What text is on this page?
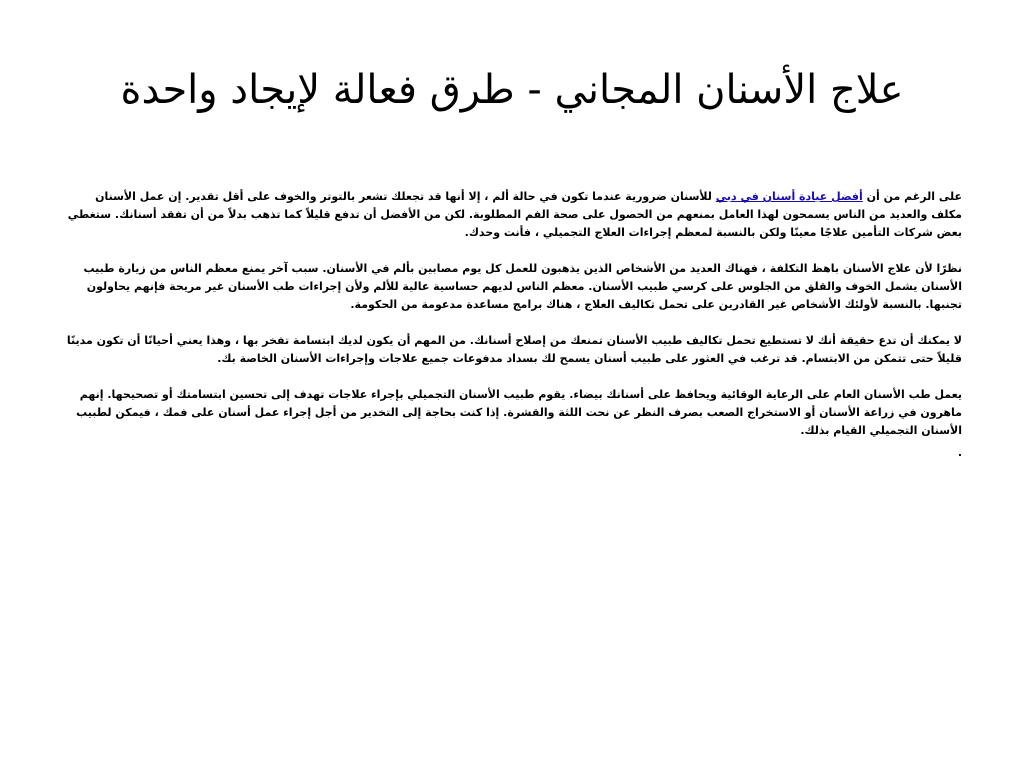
علاج الأسنان المجاني - طرق فعالة لإيجاد واحدة

على الرغم من أن أفضل عيادة أسنان في دبي للأسنان ضرورية عندما تكون في حالة ألم ، إلا أنها قد تجعلك تشعر بالتوتر والخوف على أقل تقدير. إن عمل الأسنان مكلف والعديد من الناس يسمحون لهذا العامل بمنعهم من الحصول على صحة الفم المطلوبة. لكن من الأفضل أن تدفع قليلاً كما تذهب بدلاً من أن تفقد أسنانك. ستغطي بعض شركات التأمين علاجًا معينًا ولكن بالنسبة لمعظم إجراءات العلاج التجميلي ، فأنت وحدك.

نظرًا لأن علاج الأسنان باهظ التكلفة ، فهناك العديد من الأشخاص الذين يذهبون للعمل كل يوم مصابين بألم في الأسنان. سبب آخر يمنع معظم الناس من زيارة طبيب الأسنان يشمل الخوف والقلق من الجلوس على كرسي طبيب الأسنان. معظم الناس لديهم حساسية عالية للألم ولأن إجراءات طب الأسنان غير مريحة فإنهم يحاولون تجنبها. بالنسبة لأولئك الأشخاص غير القادرين على تحمل تكاليف العلاج ، هناك برامج مساعدة مدعومة من الحكومة.

لا يمكنك أن تدع حقيقة أنك لا تستطيع تحمل تكاليف طبيب الأسنان تمنعك من إصلاح أسنانك. من المهم أن يكون لديك ابتسامة تفخر بها ، وهذا يعني أحيانًا أن تكون مدينًا قليلاً حتى تتمكن من الابتسام. قد ترغب في العثور على طبيب أسنان يسمح لك بسداد مدفوعات جميع علاجات وإجراءات الأسنان الخاصة بك.

يعمل طب الأسنان العام على الرعاية الوقائية ويحافظ على أسنانك بيضاء. يقوم طبيب الأسنان التجميلي بإجراء علاجات تهدف إلى تحسين ابتسامتك أو تصحيحها. إنهم ماهرون في زراعة الأسنان أو الاستخراج الصعب بصرف النظر عن نحت اللثة والقشرة. إذا كنت بحاجة إلى التخدير من أجل إجراء عمل أسنان على فمك ، فيمكن لطبيب الأسنان التجميلي القيام بذلك.

.
